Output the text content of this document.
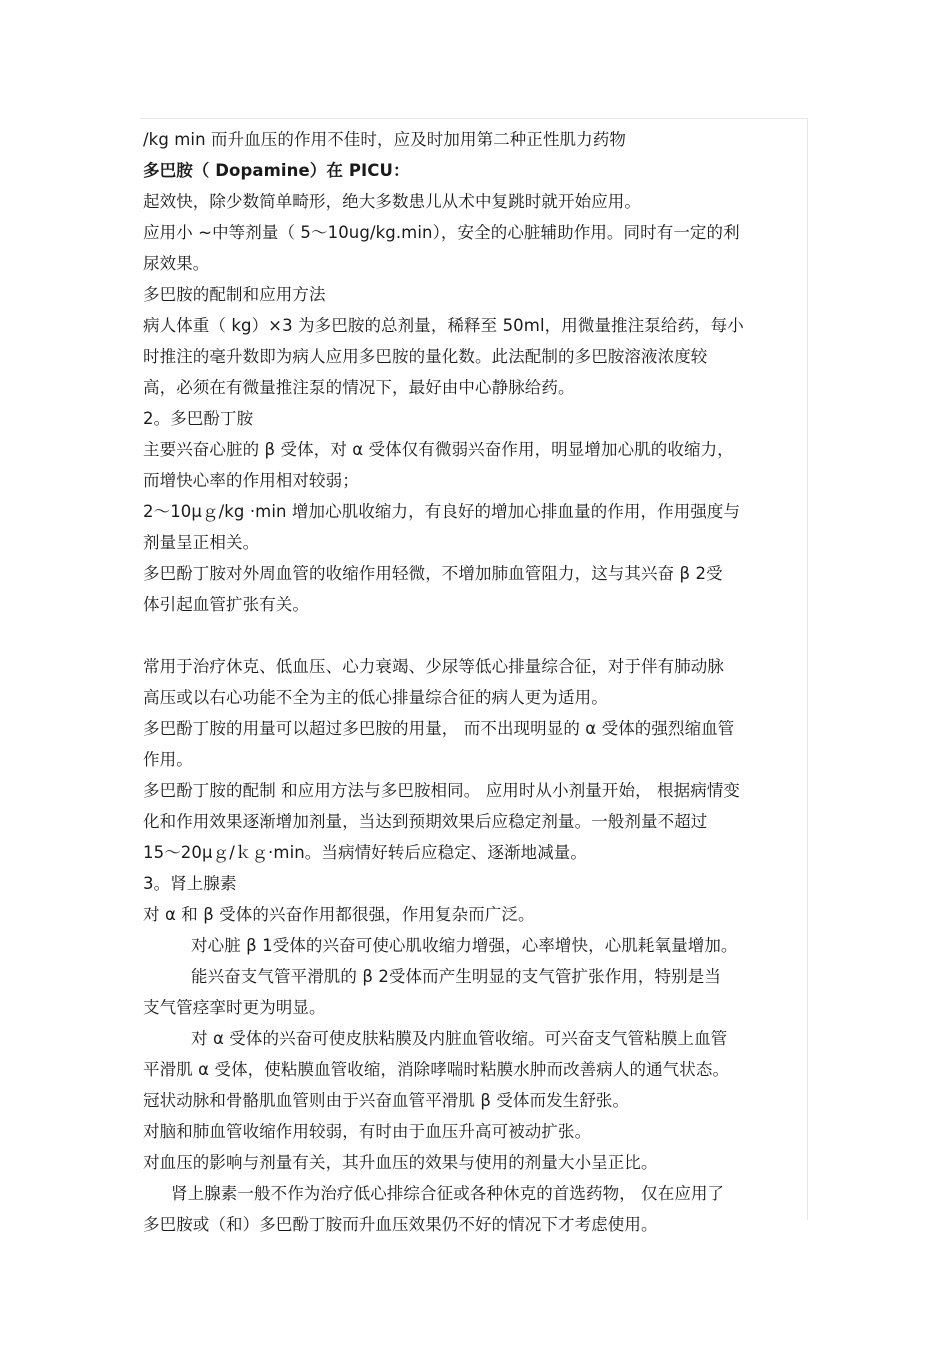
/kg min 而升血压的作用不佳时，应及时加用第二种正性肌力药物
多巴胺（ Dopamine）在 PICU：
起效快，除少数简单畸形，绝大多数患儿从术中复跳时就开始应用。
应用小 ~中等剂量（ 5～10ug/kg.min），安全的心脏辅助作用。同时有一定的利
尿效果。
多巴胺的配制和应用方法
病人体重（ kg）×3 为多巴胺的总剂量，稀释至 50ml，用微量推注泵给药，每小
时推注的毫升数即为病人应用多巴胺的量化数。此法配制的多巴胺溶液浓度较
高，必须在有微量推注泵的情况下，最好由中心静脉给药。
2。多巴酚丁胺
主要兴奋心脏的 β 受体，对 α 受体仅有微弱兴奋作用，明显增加心肌的收缩力，
而增快心率的作用相对较弱；
2～10μｇ/kg ·min 增加心肌收缩力，有良好的增加心排血量的作用，作用强度与
剂量呈正相关。
多巴酚丁胺对外周血管的收缩作用轻微，不增加肺血管阻力，这与其兴奋 β 2受
体引起血管扩张有关。
常用于治疗休克、低血压、心力衰竭、少尿等低心排量综合征，对于伴有肺动脉
高压或以右心功能不全为主的低心排量综合征的病人更为适用。
多巴酚丁胺的用量可以超过多巴胺的用量， 而不出现明显的 α 受体的强烈缩血管
作用。
多巴酚丁胺的配制 和应用方法与多巴胺相同。 应用时从小剂量开始， 根据病情变
化和作用效果逐渐增加剂量，当达到预期效果后应稳定剂量。一般剂量不超过
15～20μｇ/ｋｇ·min。当病情好转后应稳定、逐渐地减量。
3。肾上腺素
对 α 和 β 受体的兴奋作用都很强，作用复杂而广泛。
对心脏 β 1受体的兴奋可使心肌收缩力增强，心率增快，心肌耗氧量增加。
能兴奋支气管平滑肌的 β 2受体而产生明显的支气管扩张作用，特别是当
支气管痉挛时更为明显。
对 α 受体的兴奋可使皮肤粘膜及内脏血管收缩。可兴奋支气管粘膜上血管
平滑肌 α 受体，使粘膜血管收缩，消除哮喘时粘膜水肿而改善病人的通气状态。
冠状动脉和骨骼肌血管则由于兴奋血管平滑肌 β 受体而发生舒张。
对脑和肺血管收缩作用较弱，有时由于血压升高可被动扩张。
对血压的影响与剂量有关，其升血压的效果与使用的剂量大小呈正比。
肾上腺素一般不作为治疗低心排综合征或各种休克的首选药物， 仅在应用了
多巴胺或（和）多巴酚丁胺而升血压效果仍不好的情况下才考虑使用。
